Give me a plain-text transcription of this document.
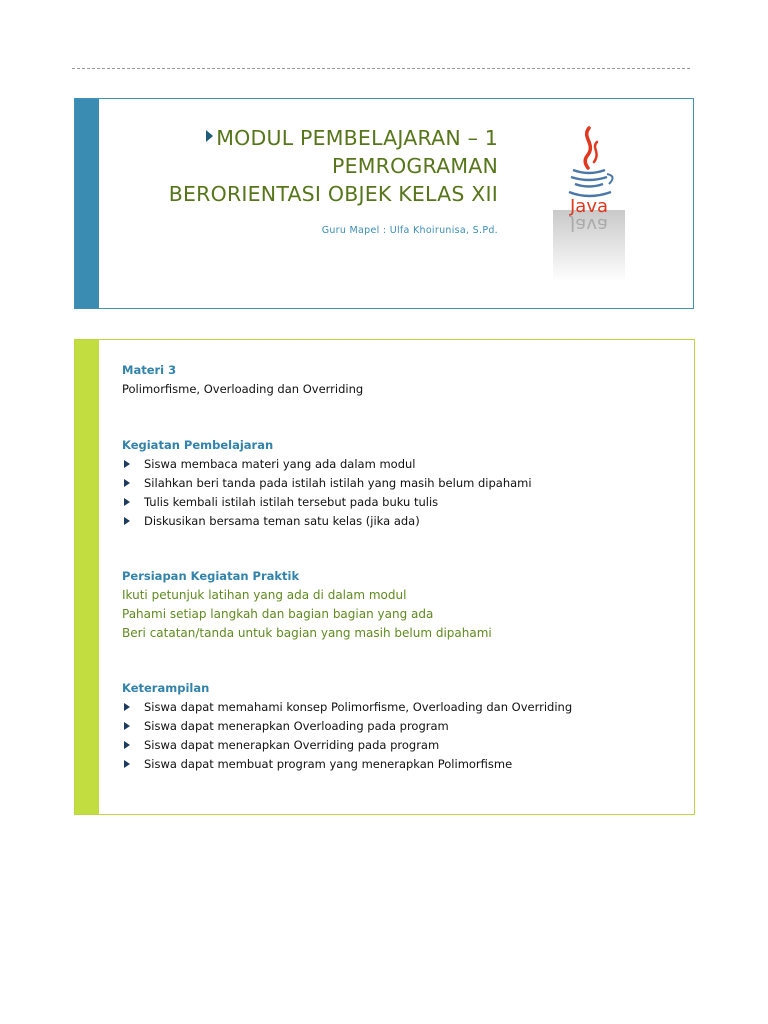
MODUL PEMBELAJARAN – 1
PEMROGRAMAN
BERORIENTASI OBJEK KELAS XII
Guru Mapel : Ulfa Khoirunisa, S.Pd.
Java
Java
Materi 3
Polimorfisme, Overloading dan Overriding
Kegiatan Pembelajaran
Siswa membaca materi yang ada dalam modul
Silahkan beri tanda pada istilah istilah yang masih belum dipahami
Tulis kembali istilah istilah tersebut pada buku tulis
Diskusikan bersama teman satu kelas (jika ada)
Persiapan Kegiatan Praktik
Ikuti petunjuk latihan yang ada di dalam modul
Pahami setiap langkah dan bagian bagian yang ada
Beri catatan/tanda untuk bagian yang masih belum dipahami
Keterampilan
Siswa dapat memahami konsep Polimorfisme, Overloading dan Overriding
Siswa dapat menerapkan Overloading pada program
Siswa dapat menerapkan Overriding pada program
Siswa dapat membuat program yang menerapkan Polimorfisme
